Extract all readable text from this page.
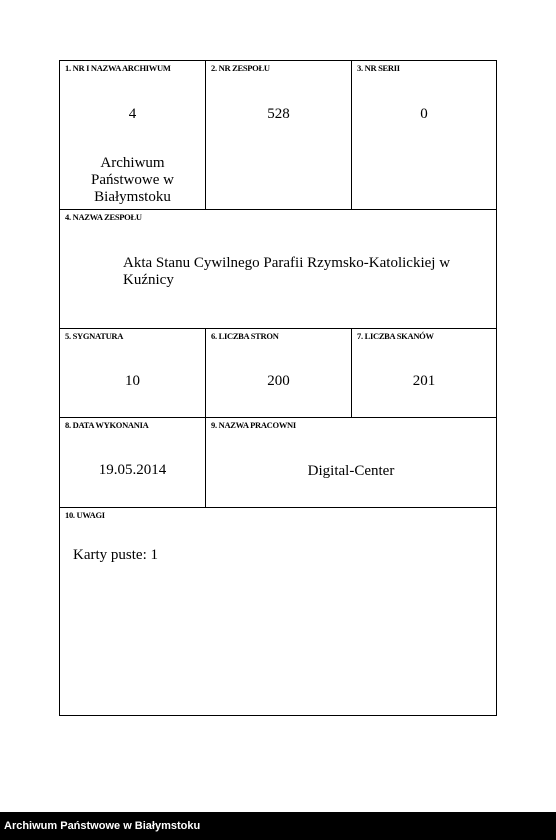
1. NR I NAZWA ARCHIWUM
4
Archiwum
Państwowe w
Białymstoku
2. NR ZESPOŁU
528
3. NR SERII
0
4. NAZWA ZESPOŁU
Akta Stanu Cywilnego Parafii Rzymsko-Katolickiej w Kuźnicy
5. SYGNATURA
10
6. LICZBA STRON
200
7. LICZBA SKANÓW
201
8. DATA WYKONANIA
19.05.2014
9. NAZWA PRACOWNI
Digital-Center
10. UWAGI
Karty puste: 1
Archiwum Państwowe w Białymstoku
